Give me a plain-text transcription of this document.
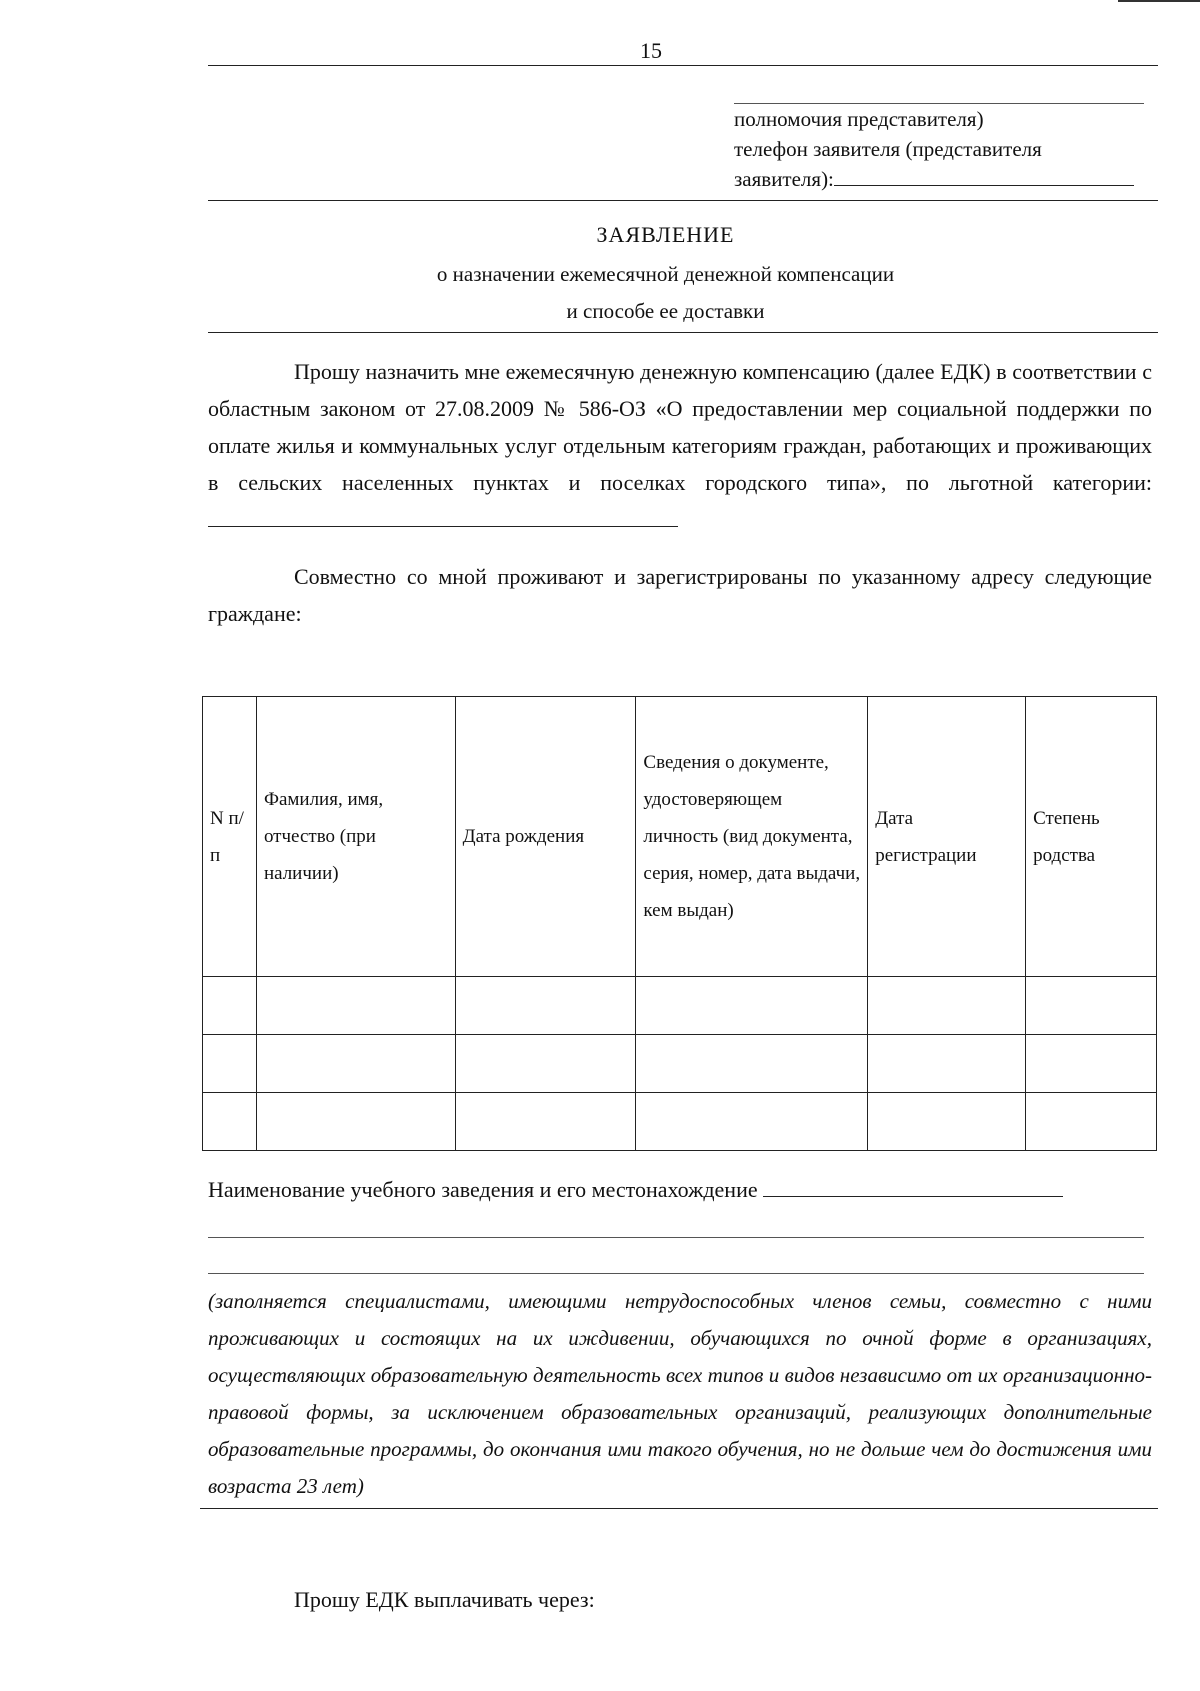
15
полномочия представителя)
телефон заявителя (представителя
заявителя):
ЗАЯВЛЕНИЕ
о назначении ежемесячной денежной компенсации
и способе ее доставки
Прошу назначить мне ежемесячную денежную компенсацию (далее ЕДК) в соответствии с областным законом от 27.08.2009 № 586-ОЗ «О предоставлении мер социальной поддержки по оплате жилья и коммунальных услуг отдельным категориям граждан, работающих и проживающих в сельских населенных пунктах и поселках городского типа», по льготной категории:
Совместно со мной проживают и зарегистрированы по указанному адресу следующие граждане:
N п/п	Фамилия, имя, отчество (при наличии)	Дата рождения	Сведения о документе, удостоверяющем личность (вид документа, серия, номер, дата выдачи, кем выдан)	Дата регистрации	Степень родства

Наименование учебного заведения и его местонахождение
(заполняется специалистами, имеющими нетрудоспособных членов семьи, совместно с ними проживающих и состоящих на их иждивении, обучающихся по очной форме в организациях, осуществляющих образовательную деятельность всех типов и видов независимо от их организационно-правовой формы, за исключением образовательных организаций, реализующих дополнительные образовательные программы, до окончания ими такого обучения, но не дольше чем до достижения ими возраста 23 лет)
Прошу ЕДК выплачивать через:
